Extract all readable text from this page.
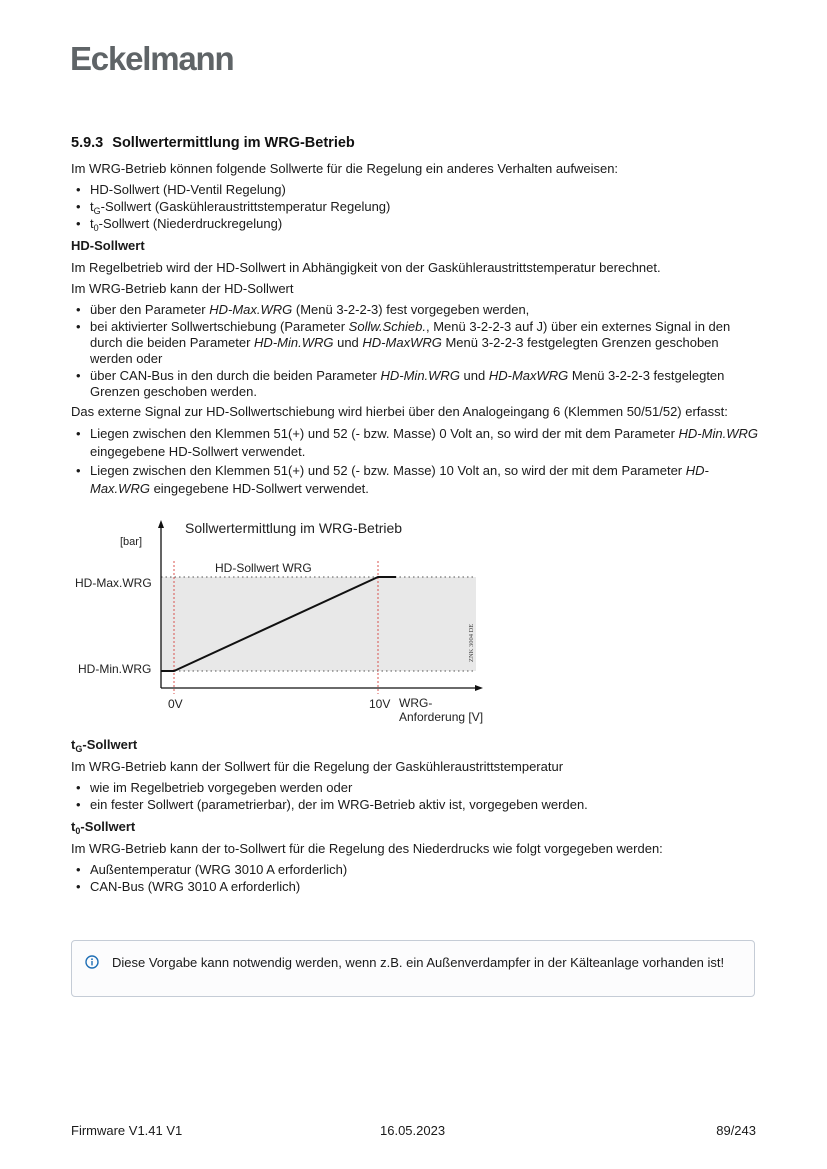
Eckelmann
5.9.3 Sollwertermittlung im WRG-Betrieb

Im WRG-Betrieb können folgende Sollwerte für die Regelung ein anderes Verhalten aufweisen:

• HD-Sollwert (HD-Ventil Regelung)
• $t_G$-Sollwert (Gaskühleraustrittstemperatur Regelung)
• $t_0$-Sollwert (Niederdruckregelung)
HD-Sollwert

Im Regelbetrieb wird der HD-Sollwert in Abhängigkeit von der Gaskühleraustrittstemperatur berechnet.

Im WRG-Betrieb kann der HD-Sollwert

• über den Parameter HD-Max.WRG (Menü 3-2-2-3) fest vorgegeben werden,
• bei aktivierter Sollwertschiebung (Parameter Sollw.Schieb., Menü 3-2-2-3 auf J) über ein externes Signal in den durch die beiden Parameter HD-Min.WRG und HD-MaxWRG Menü 3-2-2-3 festgelegten Grenzen geschoben werden oder
• über CAN-Bus in den durch die beiden Parameter HD-Min.WRG und HD-MaxWRG Menü 3-2-2-3 festgelegten Grenzen geschoben werden.

Das externe Signal zur HD-Sollwertschiebung wird hierbei über den Analogeingang 6 (Klemmen 50/51/52) erfasst:

• Liegen zwischen den Klemmen 51(+) und 52 (- bzw. Masse) 0 Volt an, so wird der mit dem Parameter HD-Min.WRG eingegebene HD-Sollwert verwendet.
• Liegen zwischen den Klemmen 51(+) und 52 (- bzw. Masse) 10 Volt an, so wird der mit dem Parameter HD-Max.WRG eingegebene HD-Sollwert verwendet.
Sollwertermittlung im WRG-Betrieb
[bar]
HD-Sollwert WRG
HD-Max.WRG
HD-Min.WRG
0V	10V WRG-Anforderung [V]
ZNK 3004 DE
$t_G$-Sollwert

Im WRG-Betrieb kann der Sollwert für die Regelung der Gaskühleraustrittstemperatur

• wie im Regelbetrieb vorgegeben werden oder
• ein fester Sollwert (parametrierbar), der im WRG-Betrieb aktiv ist, vorgegeben werden.
$t_0$-Sollwert

Im WRG-Betrieb kann der to-Sollwert für die Regelung des Niederdrucks wie folgt vorgegeben werden:

• Außentemperatur (WRG 3010 A erforderlich)
• CAN-Bus (WRG 3010 A erforderlich)
Diese Vorgabe kann notwendig werden, wenn z.B. ein Außenverdampfer in der Kälteanlage vorhanden ist!
Firmware V1.41 V1	16.05.2023	89/243
